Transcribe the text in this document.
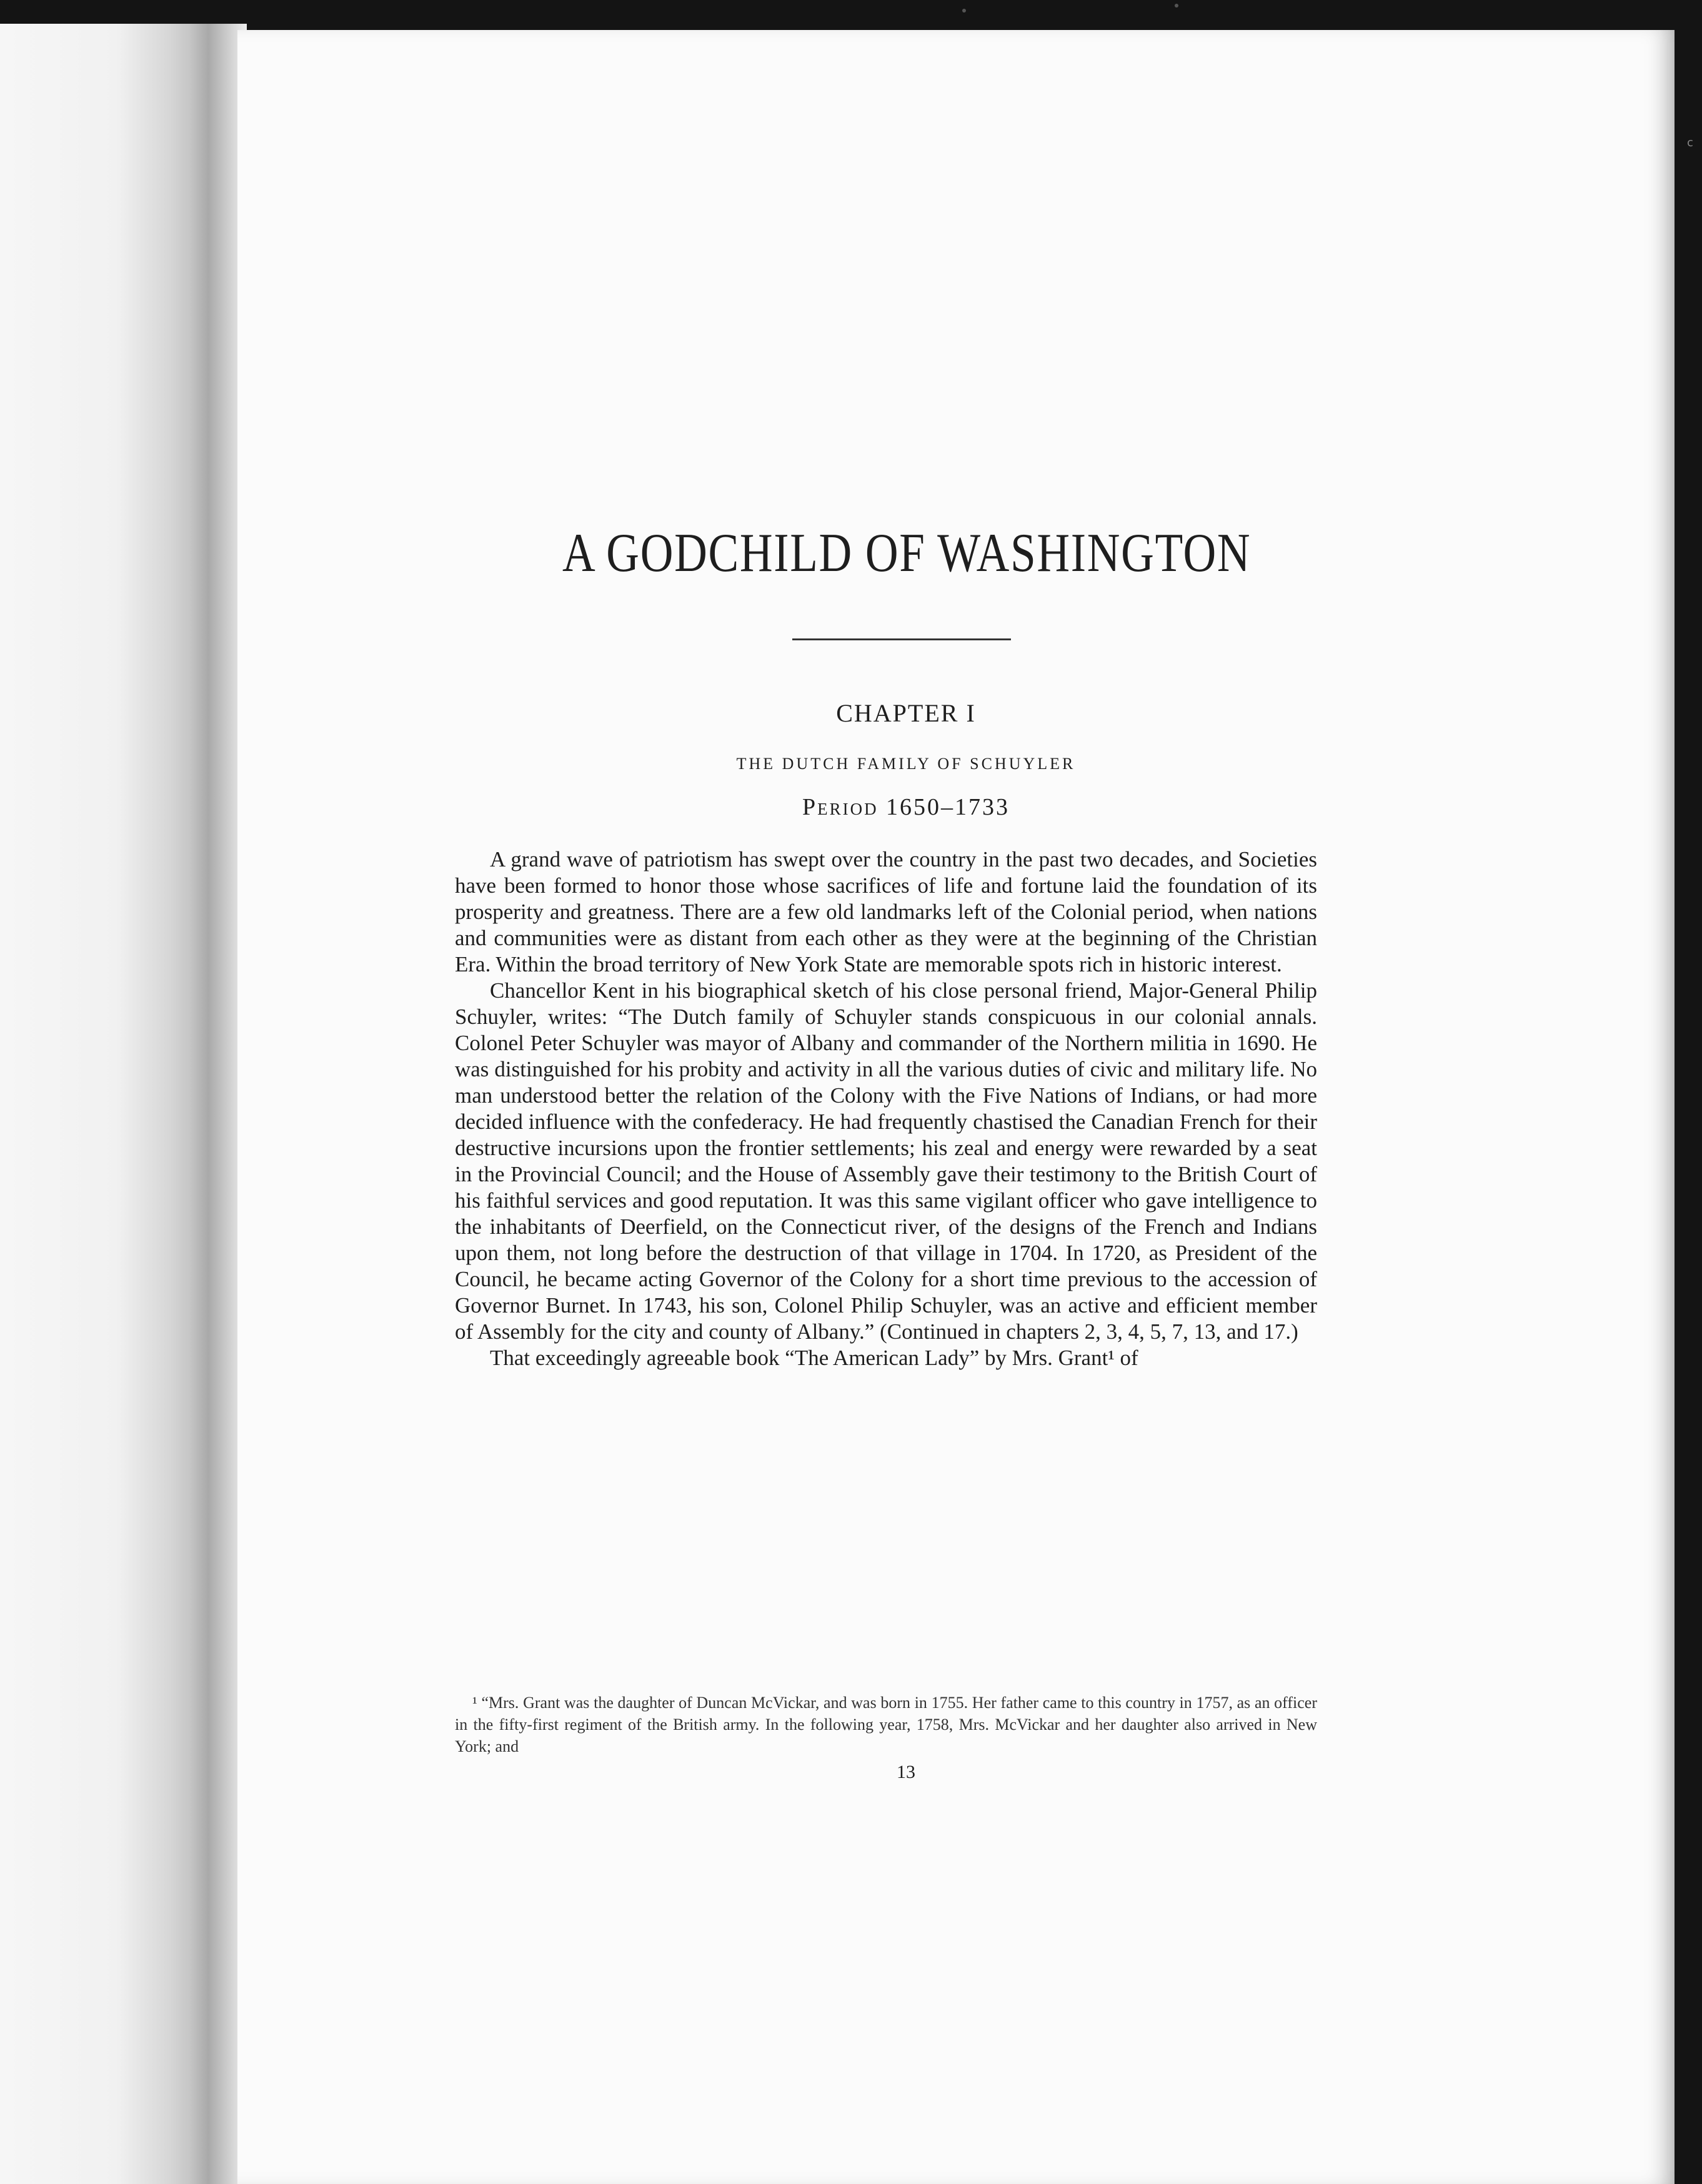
A GODCHILD OF WASHINGTON
CHAPTER I
THE DUTCH FAMILY OF SCHUYLER
Period 1650–1733

A grand wave of patriotism has swept over the country in the past two decades, and Societies have been formed to honor those whose sacrifices of life and fortune laid the foundation of its prosperity and greatness. There are a few old landmarks left of the Colonial period, when nations and communities were as distant from each other as they were at the beginning of the Christian Era. Within the broad territory of New York State are memorable spots rich in historic interest.

Chancellor Kent in his biographical sketch of his close personal friend, Major-General Philip Schuyler, writes: “The Dutch family of Schuyler stands conspicuous in our colonial annals. Colonel Peter Schuyler was mayor of Albany and commander of the Northern militia in 1690. He was distinguished for his probity and activity in all the various duties of civic and military life. No man understood better the relation of the Colony with the Five Nations of Indians, or had more decided influence with the confederacy. He had frequently chastised the Canadian French for their destructive incursions upon the frontier settlements; his zeal and energy were rewarded by a seat in the Provincial Council; and the House of Assembly gave their testimony to the British Court of his faithful services and good reputation. It was this same vigilant officer who gave intelligence to the inhabitants of Deerfield, on the Connecticut river, of the designs of the French and Indians upon them, not long before the destruction of that village in 1704. In 1720, as President of the Council, he became acting Governor of the Colony for a short time previous to the accession of Governor Burnet. In 1743, his son, Colonel Philip Schuyler, was an active and efficient member of Assembly for the city and county of Albany.” (Continued in chapters 2, 3, 4, 5, 7, 13, and 17.)

That exceedingly agreeable book “The American Lady” by Mrs. Grant¹ of

¹ “Mrs. Grant was the daughter of Duncan McVickar, and was born in 1755. Her father came to this country in 1757, as an officer in the fifty-first regiment of the British army. In the following year, 1758, Mrs. McVickar and her daughter also arrived in New York; and

13
c
